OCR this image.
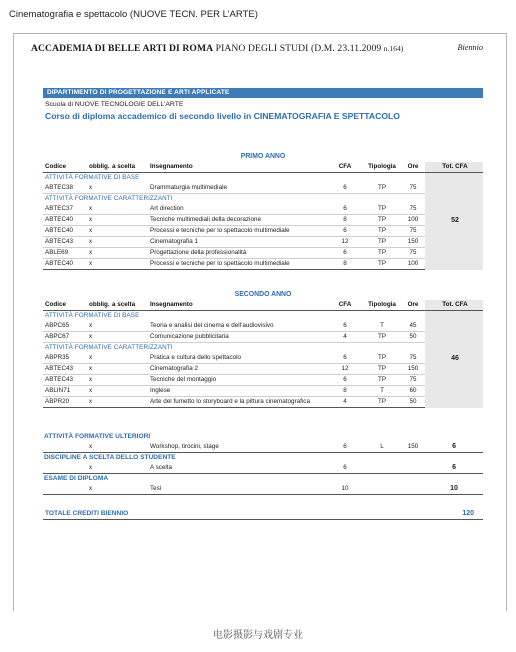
Cinematografia e spettacolo (NUOVE TECN. PER L’ARTE)
ACCADEMIA DI BELLE ARTI DI ROMA PIANO DEGLI STUDI (D.M. 23.11.2009 n.164)	Biennio
DIPARTIMENTO DI PROGETTAZIONE E ARTI APPLICATE
Scuola di NUOVE TECNOLOGIE DELL’ARTE
Corso di diploma accademico di secondo livello in CINEMATOGRAFIA E SPETTACOLO
PRIMO ANNO
Codice	obblig.	a scelta	Insegnamento	CFA	Tipologia	Ore	Tot. CFA
ATTIVITÀ FORMATIVE DI BASE							52
ABTEC38	x		Drammaturgia multimediale	6	TP	75	
ATTIVITÀ FORMATIVE CARATTERIZZANTI							
ABTEC37	x		Art direction	6	TP	75	
ABTEC40	x		Tecniche multimediali della decorazione	8	TP	100	
ABTEC40	x		Processi e tecniche per lo spettacolo multimediale	6	TP	75	
ABTEC43	x		Cinematografia 1	12	TP	150	
ABLE69	x		Progettazione della professionalità	6	TP	75	
ABTEC40	x		Processi e tecniche per lo spettacolo multimediale	8	TP	100	
SECONDO ANNO
Codice	obblig.	a scelta	Insegnamento	CFA	Tipologia	Ore	Tot. CFA
ATTIVITÀ FORMATIVE DI BASE							46
ABPC65	x		Teoria e analisi del cinema e dell’audiovisivo	6	T	45	
ABPC67	x		Comunicazione pubblicitaria	4	TP	50	
ATTIVITÀ FORMATIVE CARATTERIZZANTI							
ABPR35	x		Pratica e cultura dello spettacolo	6	TP	75	
ABTEC43	x		Cinematografia 2	12	TP	150	
ABTEC43	x		Tecniche del montaggio	6	TP	75	
ABLIN71	x		Inglese	8	T	60	
ABPR20	x		Arte del fumetto lo storyboard e la pittura cinematografica	4	TP	50	
ATTIVITÀ FORMATIVE ULTERIORI							
	x		Workshop, tirocini, stage	6	L	150	6
DISCIPLINE A SCELTA DELLO STUDENTE							
	x		A scelta	6			6
ESAME DI DIPLOMA							
	x		Tesi	10			10
TOTALE CREDITI BIENNIO	120
电影摄影与戏剧专业
